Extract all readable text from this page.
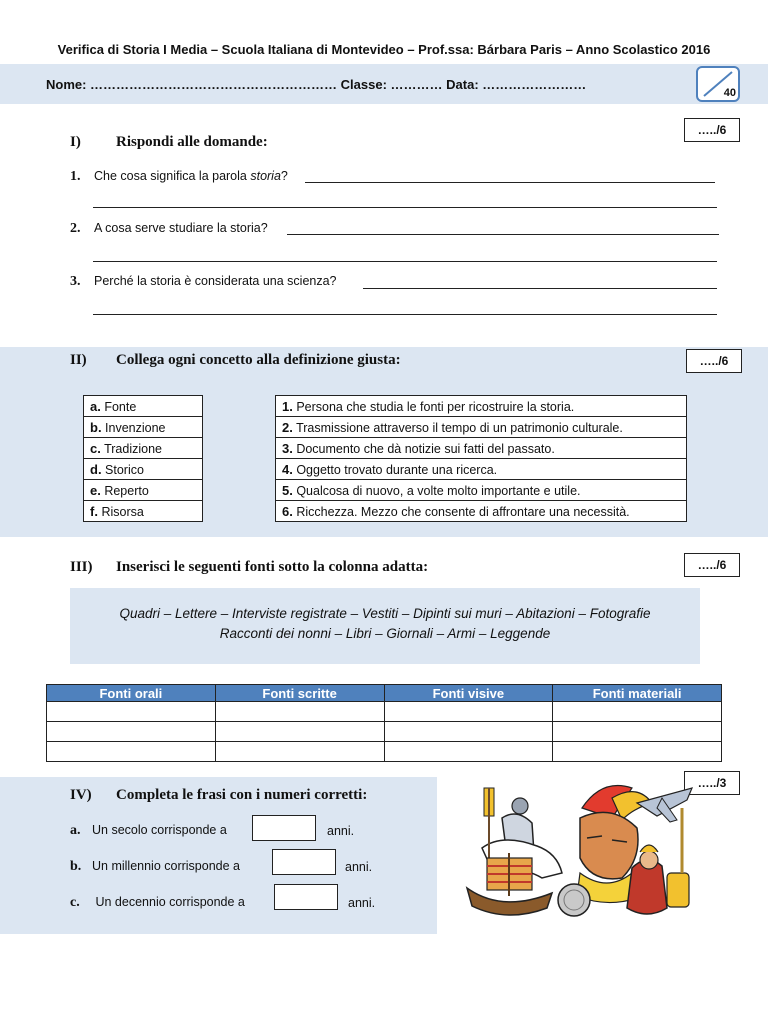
Verifica di Storia I Media – Scuola Italiana di Montevideo – Prof.ssa: Bárbara Paris – Anno Scolastico 2016
Nome: ………………………………………………… Classe: ………… Data: ……………………
40
I) Rispondi alle domande:
…../6
1. Che cosa significa la parola storia?
2. A cosa serve studiare la storia?
3. Perché la storia è considerata una scienza?
II) Collega ogni concetto alla definizione giusta:	…../6
a. Fonte
b. Invenzione
c. Tradizione
d. Storico
e. Reperto
f. Risorsa
1. Persona che studia le fonti per ricostruire la storia.
2. Trasmissione attraverso il tempo di un patrimonio culturale.
3. Documento che dà notizie sui fatti del passato.
4. Oggetto trovato durante una ricerca.
5. Qualcosa di nuovo, a volte molto importante e utile.
6. Ricchezza. Mezzo che consente di affrontare una necessità.
III) Inserisci le seguenti fonti sotto la colonna adatta:	…../6
Quadri – Lettere – Interviste registrate – Vestiti – Dipinti sui muri – Abitazioni – Fotografie
Racconti dei nonni – Libri – Giornali – Armi – Leggende
Fonti orali	Fonti scritte	Fonti visive	Fonti materiali

IV) Completa le frasi con i numeri corretti:
…../3
a. Un secolo corrisponde a	anni.
b. Un millennio corrisponde a	anni.
c. Un decennio corrisponde a	anni.
